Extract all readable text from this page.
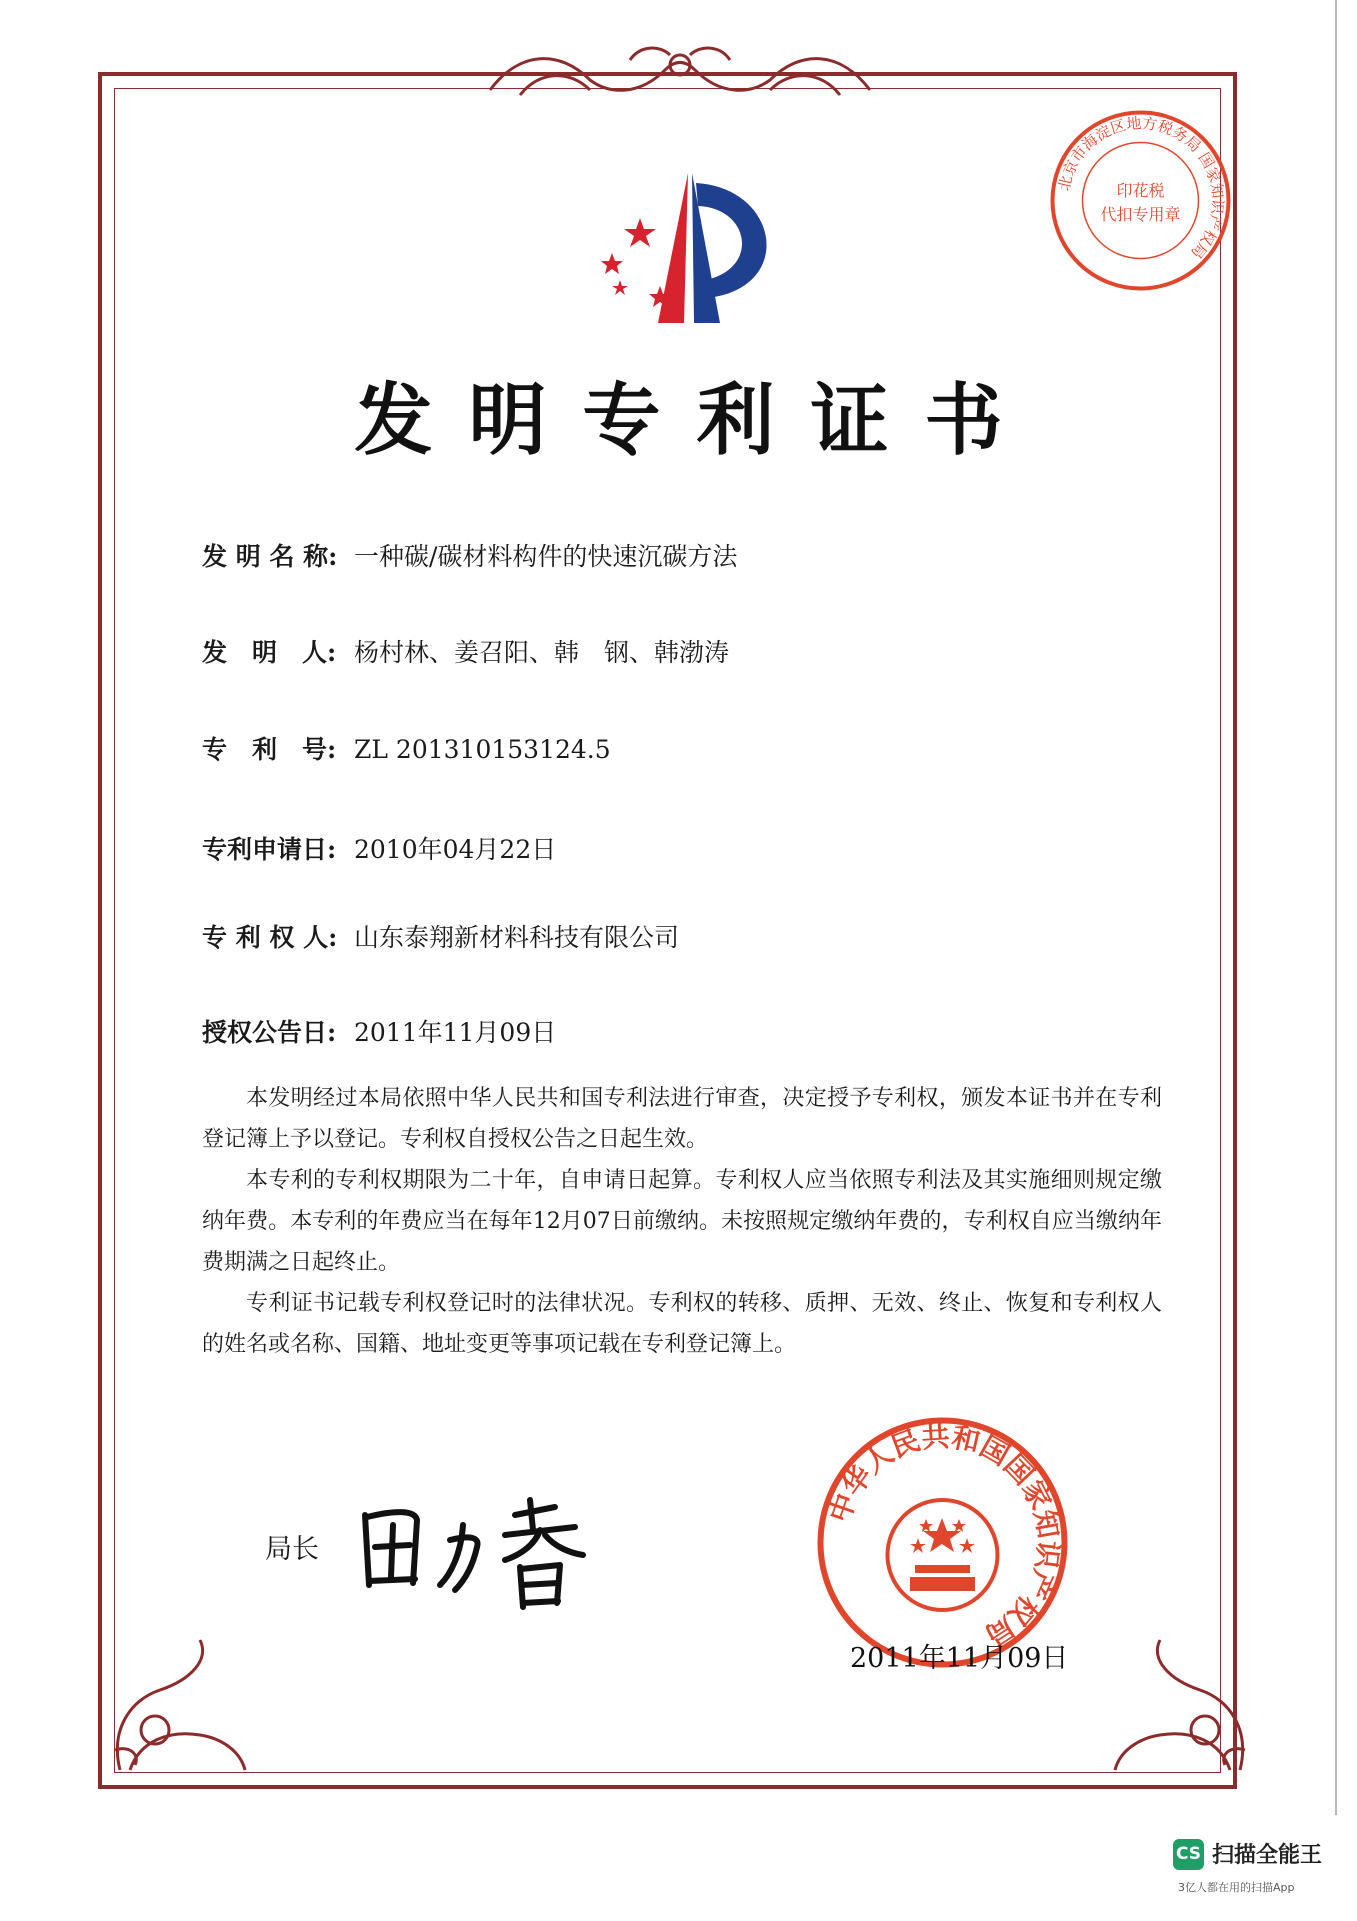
北京市海淀区地方税务局 国家知识产权局
印花税
代扣专用章
发明专利证书
发 明 名 称: 一种碳/碳材料构件的快速沉碳方法
发　明　人: 杨村林、姜召阳、韩　钢、韩渤涛
专　利　号: ZL 201310153124.5
专利申请日: 2010年04月22日
专 利 权 人: 山东泰翔新材料科技有限公司
授权公告日: 2011年11月09日

本发明经过本局依照中华人民共和国专利法进行审查，决定授予专利权，颁发本证书并在专利登记簿上予以登记。专利权自授权公告之日起生效。

本专利的专利权期限为二十年，自申请日起算。专利权人应当依照专利法及其实施细则规定缴纳年费。本专利的年费应当在每年12月07日前缴纳。未按照规定缴纳年费的，专利权自应当缴纳年费期满之日起终止。

专利证书记载专利权登记时的法律状况。专利权的转移、质押、无效、终止、恢复和专利权人的姓名或名称、国籍、地址变更等事项记载在专利登记簿上。

局长
中华人民共和国国家知识产权局
2011年11月09日
CS 扫描全能王
3亿人都在用的扫描App
